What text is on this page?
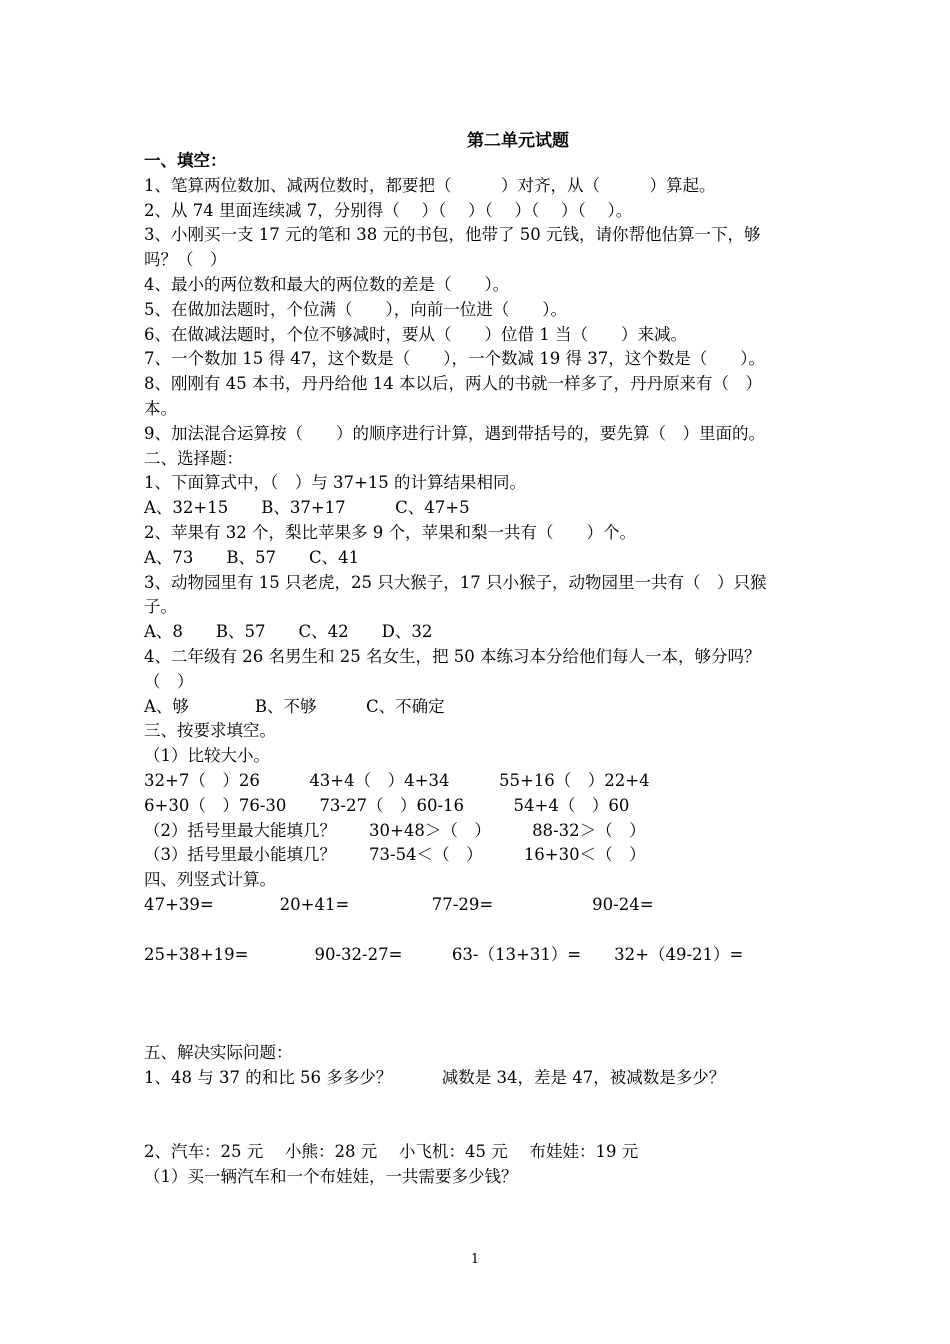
第二单元试题
一、填空：
1、笔算两位数加、减两位数时，都要把（　　　）对齐，从（　　　）算起。
2、从 74 里面连续减 7，分别得（　 ）（　 ）（　 ）（　 ）（　 ）。
3、小刚买一支 17 元的笔和 38 元的书包，他带了 50 元钱，请你帮他估算一下，够
吗？（　）
4、最小的两位数和最大的两位数的差是（　　）。
5、在做加法题时，个位满（　　），向前一位进（　　）。
6、在做减法题时，个位不够减时，要从（　　）位借 1 当（　　）来减。
7、一个数加 15 得 47，这个数是（　　），一个数减 19 得 37，这个数是（　　）。
8、刚刚有 45 本书，丹丹给他 14 本以后，两人的书就一样多了，丹丹原来有（　）
本。
9、加法混合运算按（　　）的顺序进行计算，遇到带括号的，要先算（　）里面的。
二、选择题：
1、下面算式中，（　）与 37+15 的计算结果相同。
A、32+15　　B、37+17　　　C、47+5
2、苹果有 32 个，梨比苹果多 9 个，苹果和梨一共有（　　）个。
A、73　　B、57　　C、41
3、动物园里有 15 只老虎，25 只大猴子，17 只小猴子，动物园里一共有（　）只猴
子。
A、8　　B、57　　C、42　　D、32
4、二年级有 26 名男生和 25 名女生，把 50 本练习本分给他们每人一本，够分吗？
（　）
A、够　　　　B、不够　　　C、不确定
三、按要求填空。
（1）比较大小。
32+7（　）26　　　43+4（　）4+34　　　55+16（　）22+4
6+30（　）76-30　　73-27（　）60-16　　　54+4（　）60
（2）括号里最大能填几？　　30+48＞（　）　　　88-32＞（　）
（3）括号里最小能填几？　　73-54＜（　）　　　16+30＜（　）
四、列竖式计算。
47+39=　　　　20+41=　　　　　77-29=　　　　　　90-24=
25+38+19=　　　　90-32-27=　　　63-（13+31）=　　32+（49-21）=
五、解决实际问题：
1、48 与 37 的和比 56 多多少？　　　减数是 34，差是 47，被减数是多少？
2、汽车：25 元　 小熊：28 元　 小飞机：45 元　 布娃娃：19 元
（1）买一辆汽车和一个布娃娃，一共需要多少钱？
1
